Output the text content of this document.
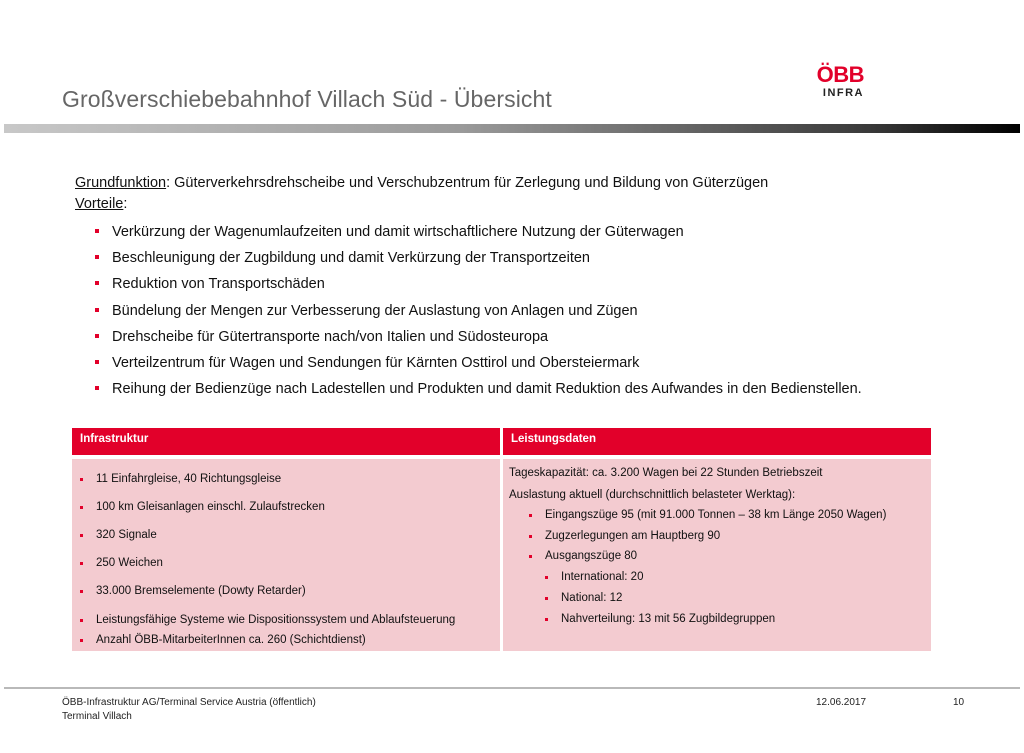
Großverschiebebahnhof Villach Süd - Übersicht
ÖBB
INFRA
Grundfunktion: Güterverkehrsdrehscheibe und Verschubzentrum für Zerlegung und Bildung von Güterzügen
Vorteile:
Verkürzung der Wagenumlaufzeiten und damit wirtschaftlichere Nutzung der Güterwagen
Beschleunigung der Zugbildung und damit Verkürzung der Transportzeiten
Reduktion von Transportschäden
Bündelung der Mengen zur Verbesserung der Auslastung von Anlagen und Zügen
Drehscheibe für Gütertransporte nach/von Italien und Südosteuropa
Verteilzentrum für Wagen und Sendungen für Kärnten Osttirol und Obersteiermark
Reihung der Bedienzüge nach Ladestellen und Produkten und damit Reduktion des Aufwandes in den Bedienstellen.
Infrastruktur	Leistungsdaten
11 Einfahrgleise, 40 Richtungsgleise
100 km Gleisanlagen einschl. Zulaufstrecken
320 Signale
250 Weichen
33.000 Bremselemente (Dowty Retarder)
Leistungsfähige Systeme wie Dispositionssystem und Ablaufsteuerung
Anzahl ÖBB-MitarbeiterInnen ca. 260 (Schichtdienst)
Tageskapazität: ca. 3.200 Wagen bei 22 Stunden Betriebszeit
Auslastung aktuell (durchschnittlich belasteter Werktag):
Eingangszüge 95 (mit 91.000 Tonnen – 38 km Länge 2050 Wagen)
Zugzerlegungen am Hauptberg 90
Ausgangszüge 80
International: 20
National: 12
Nahverteilung: 13 mit 56 Zugbildegruppen
ÖBB-Infrastruktur AG/Terminal Service Austria (öffentlich)
Terminal Villach
12.06.2017	10
